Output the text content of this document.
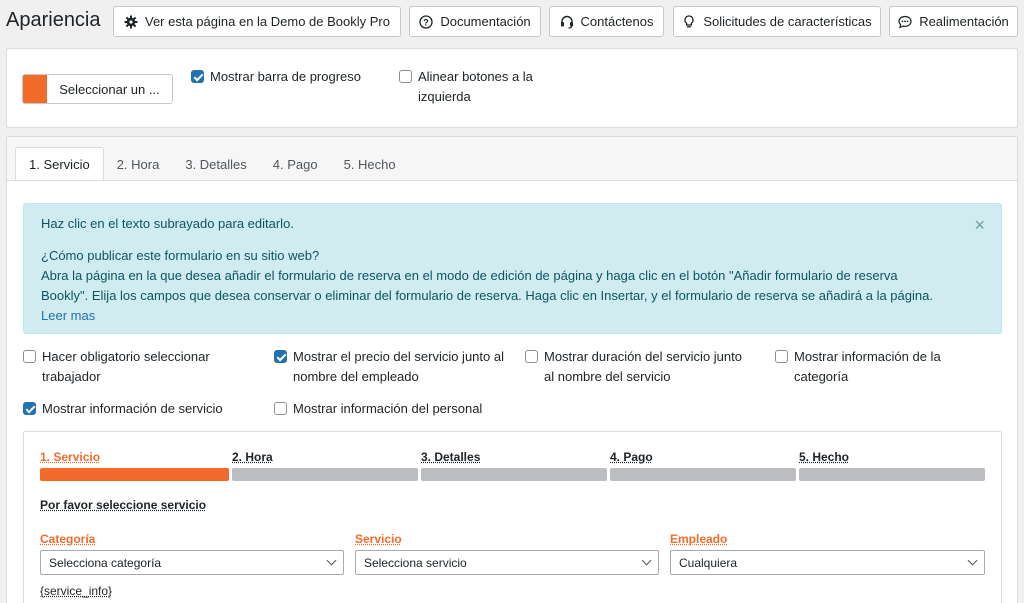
Apariencia	Ver esta página en la Demo de Bookly Pro	? Documentación	Contáctenos	Solicitudes de características	Realimentación
Seleccionar un ...
Mostrar barra de progreso	Alinear botones a la izquierda
1. Servicio	2. Hora	3. Detalles	4. Pago	5. Hecho

Haz clic en el texto subrayado para editarlo.

¿Cómo publicar este formulario en su sitio web?

Abra la página en la que desea añadir el formulario de reserva en el modo de edición de página y haga clic en el botón "Añadir formulario de reserva Bookly". Elija los campos que desea conservar o eliminar del formulario de reserva. Haga clic en Insertar, y el formulario de reserva se añadirá a la página.

Leer mas
×
Hacer obligatorio seleccionar trabajador
Mostrar el precio del servicio junto al nombre del empleado
Mostrar duración del servicio junto al nombre del servicio
Mostrar información de la categoría
Mostrar información de servicio	Mostrar información del personal
1. Servicio	2. Hora	3. Detalles	4. Pago	5. Hecho
Por favor seleccione servicio
Categoría	Servicio	Empleado
Selecciona categoría	Selecciona servicio	Cualquiera
{service_info}
